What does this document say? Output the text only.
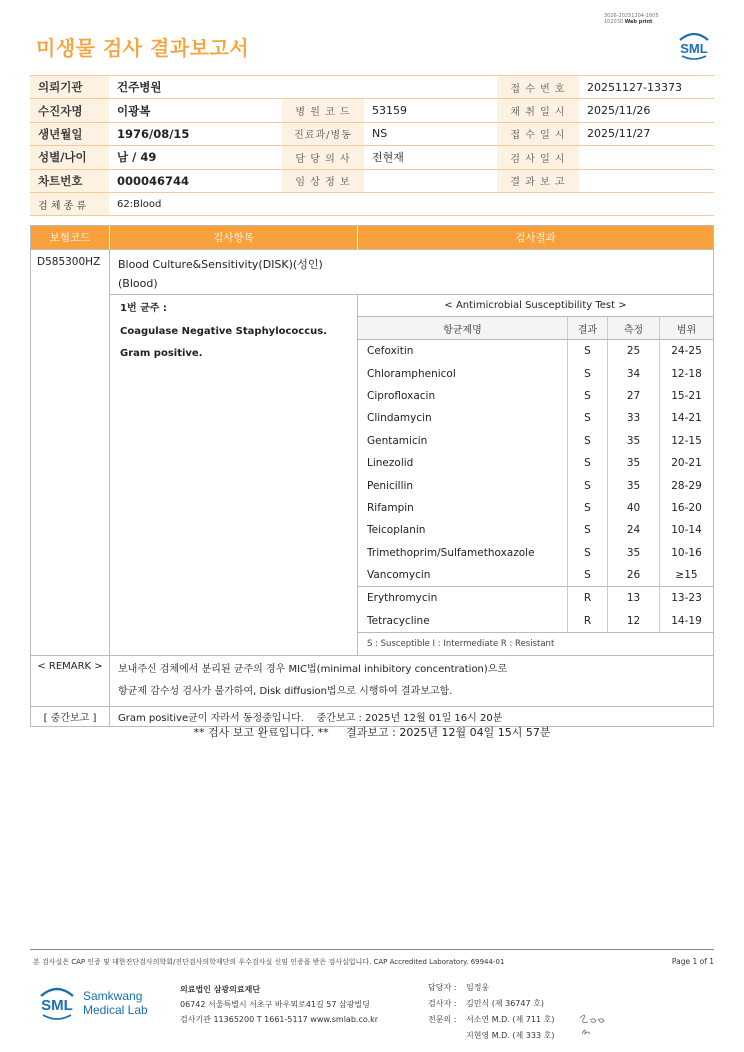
3026-20251204-1605
102030 Web print
미생물 검사 결과보고서	SML
의뢰기관	건주병원			접 수 번 호	20251127-13373
수진자명	이광복	병 원 코 드	53159	채 취 일 시	2025/11/26
생년월일	1976/08/15	진료과/병동	NS	접 수 일 시	2025/11/27
성별/나이	남 / 49	담 당 의 사	전현재	검 사 일 시	
차트번호	000046744	임 상 정 보		결 과 보 고	
검 체 종 류	62:Blood				
보험코드	검사항목	검사결과
D585300HZ	Blood Culture&Sensitivity(DISK)(성인)
(Blood)
1번 균주 :
Coagulase Negative Staphylococcus.
Gram positive.
< Antimicrobial Susceptibility Test >
항균제명	결과	측정	범위
Cefoxitin	S	25	24-25
Chloramphenicol	S	34	12-18
Ciprofloxacin	S	27	15-21
Clindamycin	S	33	14-21
Gentamicin	S	35	12-15
Linezolid	S	35	20-21
Penicillin	S	35	28-29
Rifampin	S	40	16-20
Teicoplanin	S	24	10-14
Trimethoprim/Sulfamethoxazole	S	35	10-16
Vancomycin	S	26	≥15
Erythromycin	R	13	13-23
Tetracycline	R	12	14-19
S : Susceptible I : Intermediate R : Resistant
< REMARK >	보내주신 검체에서 분리된 균주의 경우 MIC법(minimal inhibitory concentration)으로
항균제 감수성 검사가 불가하여, Disk diffusion법으로 시행하여 결과보고함.
[ 중간보고 ]	Gram positive균이 자라서 동정중입니다.    중간보고 : 2025년 12월 01일 16시 20분
** 검사 보고 완료입니다. **     결과보고 : 2025년 12월 04일 15시 57분
본 검사실은 CAP 인증 및 대한진단검사의학회/진단검사의학재단의 우수검사실 신임 인증을 받은 검사실입니다. CAP Accredited Laboratory. 69944-01	Page 1 of 1
SML
Samkwang
Medical Lab
의료법인 삼광의료재단
06742 서울특별시 서초구 바우뫼로41길 57 삼광빌딩
검사기관 11365200 T 1661-5117 www.smlab.co.kr
담당자 :	임정웅
검사자 :	김민식 (제 36747 호)
전문의 :	서소연 M.D. (제 711 호)
지현영 M.D. (제 333 호)
